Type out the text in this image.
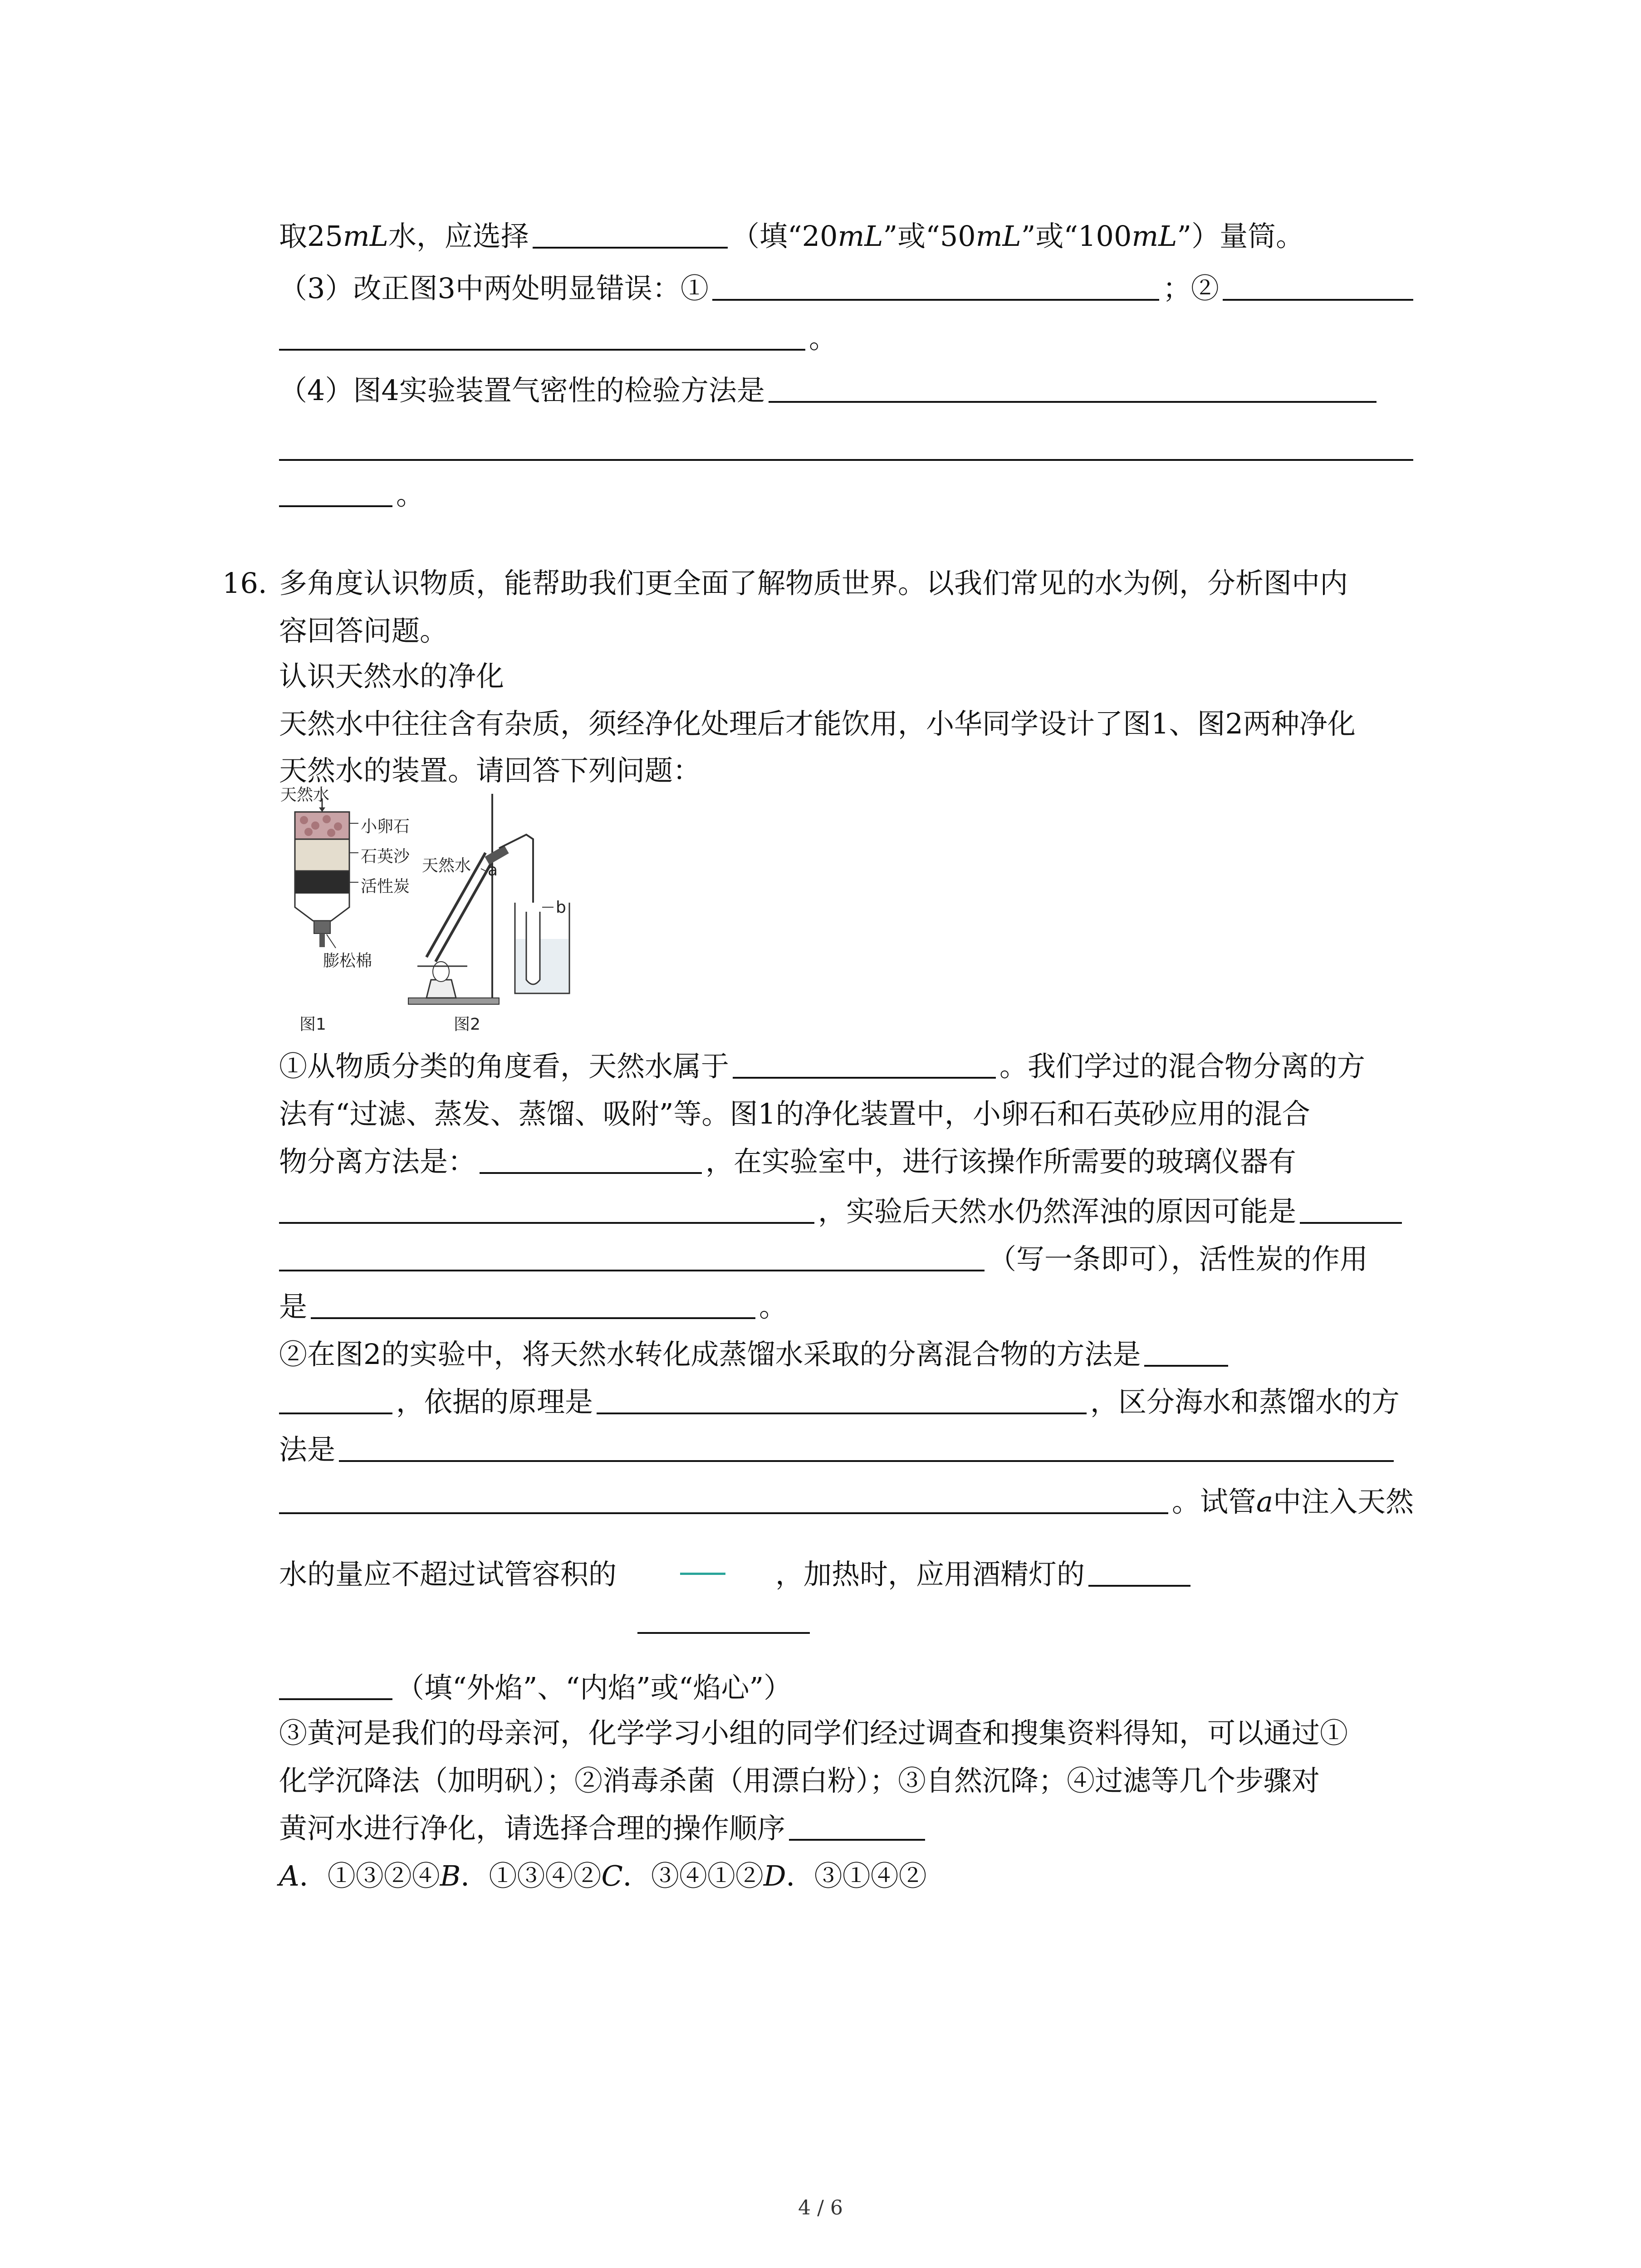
取25 mL 水，应选择	（填“20 mL ”或“50 mL ”或“100 mL ”）量筒。
（3）改正图3中两处明显错误：①	；②
。
（4）图4实验装置气密性的检验方法是
。
16. 多角度认识物质，能帮助我们更全面了解物质世界。以我们常见的水为例，分析图中内
容回答问题。
认识天然水的净化
天然水中往往含有杂质，须经净化处理后才能饮用，小华同学设计了图1、图2两种净化
天然水的装置。请回答下列问题：
天然水
小卵石
石英沙
活性炭
膨松棉
图1
天然水 a
b
图2
①从物质分类的角度看，天然水属于	。我们学过的混合物分离的方
法有“过滤、蒸发、蒸馏、吸附”等。图1的净化装置中，小卵石和石英砂应用的混合
物分离方法是：	，在实验室中，进行该操作所需要的玻璃仪器有
，实验后天然水仍然浑浊的原因可能是
（写一条即可），活性炭的作用
是	。
②在图2的实验中，将天然水转化成蒸馏水采取的分离混合物的方法是
，依据的原理是	，区分海水和蒸馏水的方
法是
。试管 a 中注入天然
水的量应不超过试管容积的	，加热时，应用酒精灯的
（填“外焰”、“内焰”或“焰心”）
③黄河是我们的母亲河，化学学习小组的同学们经过调查和搜集资料得知，可以通过①
化学沉降法（加明矾）；②消毒杀菌（用漂白粉）；③自然沉降；④过滤等几个步骤对
黄河水进行净化，请选择合理的操作顺序
A ．①③②④ B ．①③④② C ．③④①② D ．③①④②
4 / 6
